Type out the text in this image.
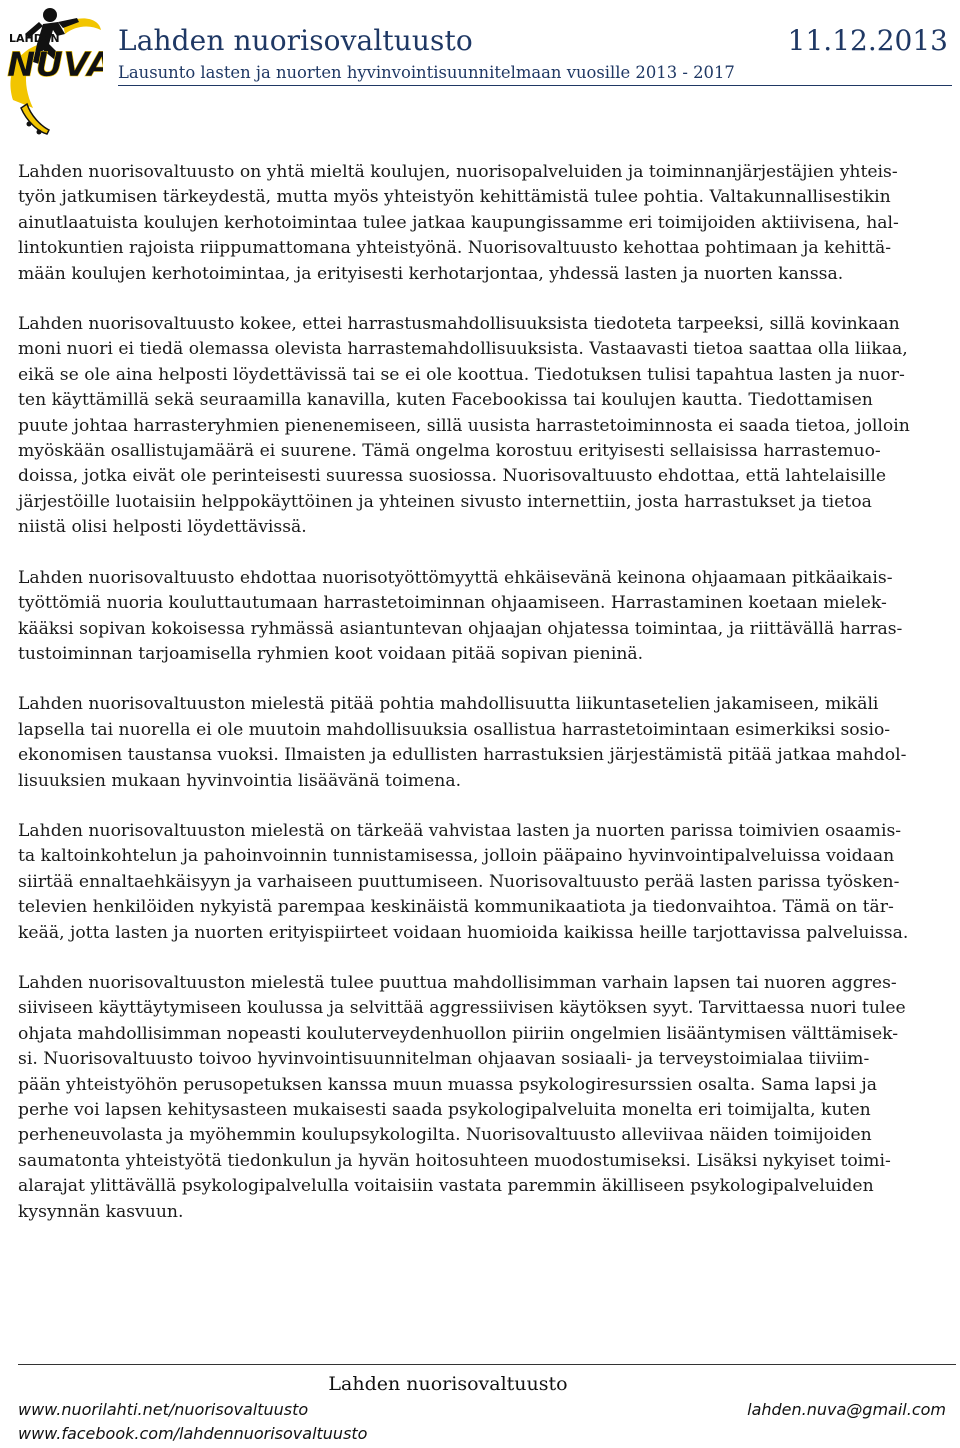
LAHDEN
NUVA
Lahden nuorisovaltuusto	11.12.2013
Lausunto lasten ja nuorten hyvinvointisuunnitelmaan vuosille 2013 - 2017

Lahden nuorisovaltuusto on yhtä mieltä koulujen, nuorisopalveluiden ja toiminnanjärjestäjien yhteis-
työn jatkumisen tärkeydestä, mutta myös yhteistyön kehittämistä tulee pohtia. Valtakunnallisestikin
ainutlaatuista koulujen kerhotoimintaa tulee jatkaa kaupungissamme eri toimijoiden aktiivisena, hal-
lintokuntien rajoista riippumattomana yhteistyönä. Nuorisovaltuusto kehottaa pohtimaan ja kehittä-
mään koulujen kerhotoimintaa, ja erityisesti kerhotarjontaa, yhdessä lasten ja nuorten kanssa.

Lahden nuorisovaltuusto kokee, ettei harrastusmahdollisuuksista tiedoteta tarpeeksi, sillä kovinkaan
moni nuori ei tiedä olemassa olevista harrastemahdollisuuksista. Vastaavasti tietoa saattaa olla liikaa,
eikä se ole aina helposti löydettävissä tai se ei ole koottua. Tiedotuksen tulisi tapahtua lasten ja nuor-
ten käyttämillä sekä seuraamilla kanavilla, kuten Facebookissa tai koulujen kautta. Tiedottamisen
puute johtaa harrasteryhmien pienenemiseen, sillä uusista harrastetoiminnosta ei saada tietoa, jolloin
myöskään osallistujamäärä ei suurene. Tämä ongelma korostuu erityisesti sellaisissa harrastemuo-
doissa, jotka eivät ole perinteisesti suuressa suosiossa. Nuorisovaltuusto ehdottaa, että lahtelaisille
järjestöille luotaisiin helppokäyttöinen ja yhteinen sivusto internettiin, josta harrastukset ja tietoa
niistä olisi helposti löydettävissä.

Lahden nuorisovaltuusto ehdottaa nuorisotyöttömyyttä ehkäisevänä keinona ohjaamaan pitkäaikais-
työttömiä nuoria kouluttautumaan harrastetoiminnan ohjaamiseen. Harrastaminen koetaan mielek-
kääksi sopivan kokoisessa ryhmässä asiantuntevan ohjaajan ohjatessa toimintaa, ja riittävällä harras-
tustoiminnan tarjoamisella ryhmien koot voidaan pitää sopivan pieninä.

Lahden nuorisovaltuuston mielestä pitää pohtia mahdollisuutta liikuntasetelien jakamiseen, mikäli
lapsella tai nuorella ei ole muutoin mahdollisuuksia osallistua harrastetoimintaan esimerkiksi sosio-
ekonomisen taustansa vuoksi. Ilmaisten ja edullisten harrastuksien järjestämistä pitää jatkaa mahdol-
lisuuksien mukaan hyvinvointia lisäävänä toimena.

Lahden nuorisovaltuuston mielestä on tärkeää vahvistaa lasten ja nuorten parissa toimivien osaamis-
ta kaltoinkohtelun ja pahoinvoinnin tunnistamisessa, jolloin pääpaino hyvinvointipalveluissa voidaan
siirtää ennaltaehkäisyyn ja varhaiseen puuttumiseen. Nuorisovaltuusto perää lasten parissa työsken-
televien henkilöiden nykyistä parempaa keskinäistä kommunikaatiota ja tiedonvaihtoa. Tämä on tär-
keää, jotta lasten ja nuorten erityispiirteet voidaan huomioida kaikissa heille tarjottavissa palveluissa.

Lahden nuorisovaltuuston mielestä tulee puuttua mahdollisimman varhain lapsen tai nuoren aggres-
siiviseen käyttäytymiseen koulussa ja selvittää aggressiivisen käytöksen syyt. Tarvittaessa nuori tulee
ohjata mahdollisimman nopeasti kouluterveydenhuollon piiriin ongelmien lisääntymisen välttämisek-
si. Nuorisovaltuusto toivoo hyvinvointisuunnitelman ohjaavan sosiaali- ja terveystoimialaa tiiviim-
pään yhteistyöhön perusopetuksen kanssa muun muassa psykologiresurssien osalta. Sama lapsi ja
perhe voi lapsen kehitysasteen mukaisesti saada psykologipalveluita monelta eri toimijalta, kuten
perheneuvolasta ja myöhemmin koulupsykologilta. Nuorisovaltuusto alleviivaa näiden toimijoiden
saumatonta yhteistyötä tiedonkulun ja hyvän hoitosuhteen muodostumiseksi. Lisäksi nykyiset toimi-
alarajat ylittävällä psykologipalvelulla voitaisiin vastata paremmin äkilliseen psykologipalveluiden
kysynnän kasvuun.

Lahden nuorisovaltuusto
www.nuorilahti.net/nuorisovaltuusto
www.facebook.com/lahdennuorisovaltuusto
lahden.nuva@gmail.com
